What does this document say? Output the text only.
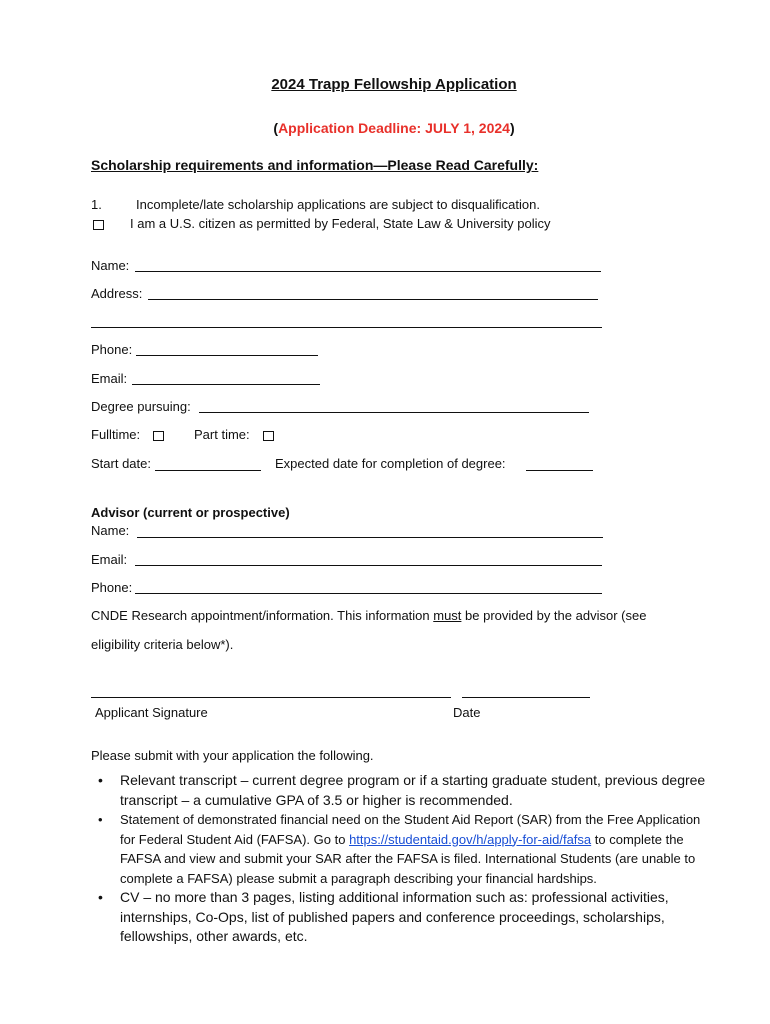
2024 Trapp Fellowship Application
(Application Deadline: JULY 1, 2024)
Scholarship requirements and information—Please Read Carefully:
1.	Incomplete/late scholarship applications are subject to disqualification.
I am a U.S. citizen as permitted by Federal, State Law & University policy
Name:
Address:
Phone:
Email:
Degree pursuing:
Fulltime:	Part time:
Start date:	Expected date for completion of degree:
Advisor (current or prospective)
Name:
Email:
Phone:
CNDE Research appointment/information. This information must be provided by the advisor (see
eligibility criteria below*).
Applicant Signature	Date
Please submit with your application the following.
• Relevant transcript – current degree program or if a starting graduate student, previous degree transcript – a cumulative GPA of 3.5 or higher is recommended.
• Statement of demonstrated financial need on the Student Aid Report (SAR) from the Free Application for Federal Student Aid (FAFSA). Go to https://studentaid.gov/h/apply-for-aid/fafsa to complete the FAFSA and view and submit your SAR after the FAFSA is filed. International Students (are unable to complete a FAFSA) please submit a paragraph describing your financial hardships.
• CV – no more than 3 pages, listing additional information such as: professional activities, internships, Co-Ops, list of published papers and conference proceedings, scholarships, fellowships, other awards, etc.
